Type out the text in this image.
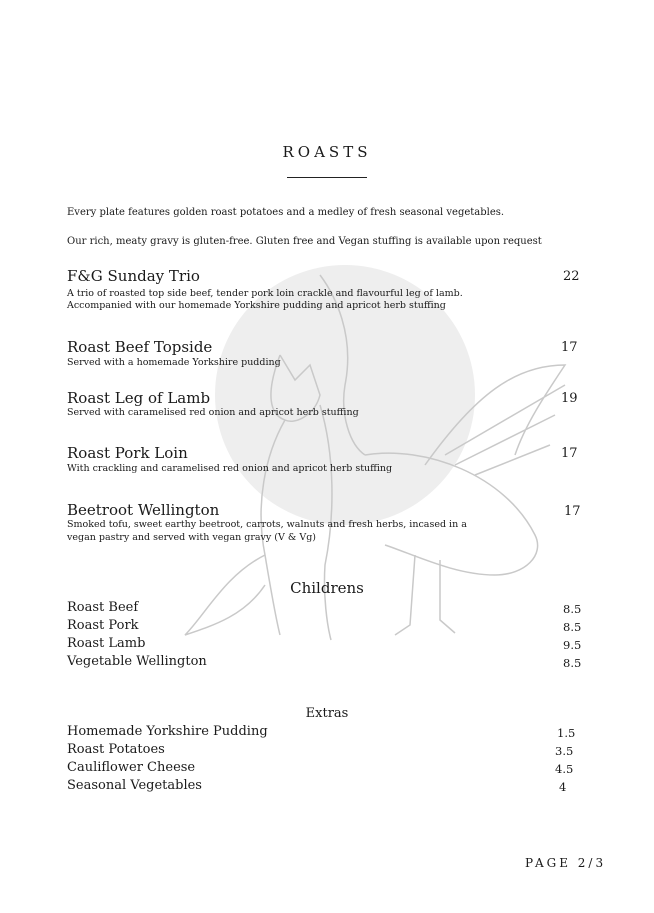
ROASTS
Every plate features golden roast potatoes and a medley of fresh seasonal vegetables.
Our rich, meaty gravy is gluten-free. Gluten free and Vegan stuffing is available upon request
F&G Sunday Trio	22
A trio of roasted top side beef, tender pork loin crackle and flavourful leg of lamb.
Accompanied with our homemade Yorkshire pudding and apricot herb stuffing
Roast Beef Topside	17
Served with a homemade Yorkshire pudding
Roast Leg of Lamb	19
Served with caramelised red onion and apricot herb stuffing
Roast Pork Loin	17
With crackling and caramelised red onion and apricot herb stuffing
Beetroot Wellington	17
Smoked tofu, sweet earthy beetroot, carrots, walnuts and fresh herbs, incased in a
vegan pastry and served with vegan gravy (V & Vg)
Childrens
Roast Beef	8.5
Roast Pork	8.5
Roast Lamb	9.5
Vegetable Wellington	8.5
Extras
Homemade Yorkshire Pudding	1.5
Roast Potatoes	3.5
Cauliflower Cheese	4.5
Seasonal Vegetables	4
PAGE 2/3
